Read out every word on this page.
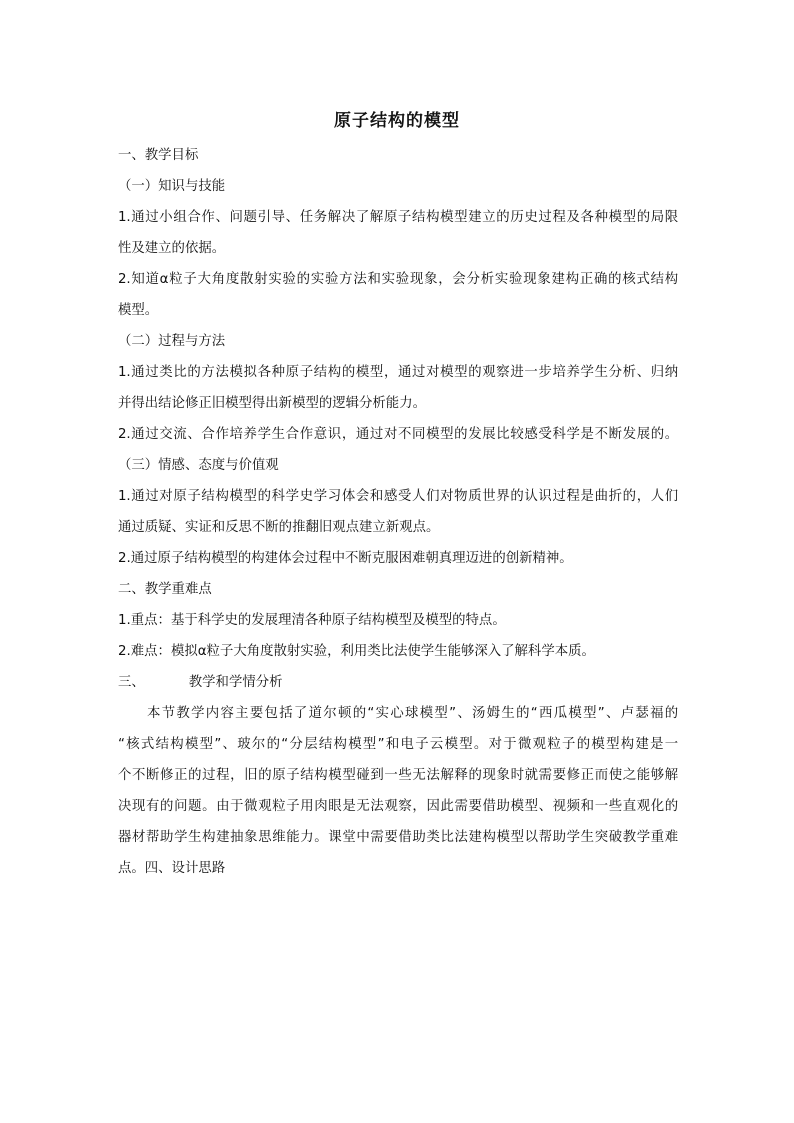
原子结构的模型
一、教学目标
（一）知识与技能
1.通过小组合作、问题引导、任务解决了解原子结构模型建立的历史过程及各种模型的局限
性及建立的依据。
2.知道α粒子大角度散射实验的实验方法和实验现象，会分析实验现象建构正确的核式结构
模型。
（二）过程与方法
1.通过类比的方法模拟各种原子结构的模型，通过对模型的观察进一步培养学生分析、归纳
并得出结论修正旧模型得出新模型的逻辑分析能力。
2.通过交流、合作培养学生合作意识，通过对不同模型的发展比较感受科学是不断发展的。
（三）情感、态度与价值观
1.通过对原子结构模型的科学史学习体会和感受人们对物质世界的认识过程是曲折的，人们
通过质疑、实证和反思不断的推翻旧观点建立新观点。
2.通过原子结构模型的构建体会过程中不断克服困难朝真理迈进的创新精神。
二、教学重难点
1.重点：基于科学史的发展理清各种原子结构模型及模型的特点。
2.难点：模拟α粒子大角度散射实验，利用类比法使学生能够深入了解科学本质。
三、	教学和学情分析
本节教学内容主要包括了道尔顿的“实心球模型”、汤姆生的“西瓜模型”、卢瑟福的
“核式结构模型”、玻尔的“分层结构模型”和电子云模型。对于微观粒子的模型构建是一
个不断修正的过程，旧的原子结构模型碰到一些无法解释的现象时就需要修正而使之能够解
决现有的问题。由于微观粒子用肉眼是无法观察，因此需要借助模型、视频和一些直观化的
器材帮助学生构建抽象思维能力。课堂中需要借助类比法建构模型以帮助学生突破教学重难
点。四、设计思路
